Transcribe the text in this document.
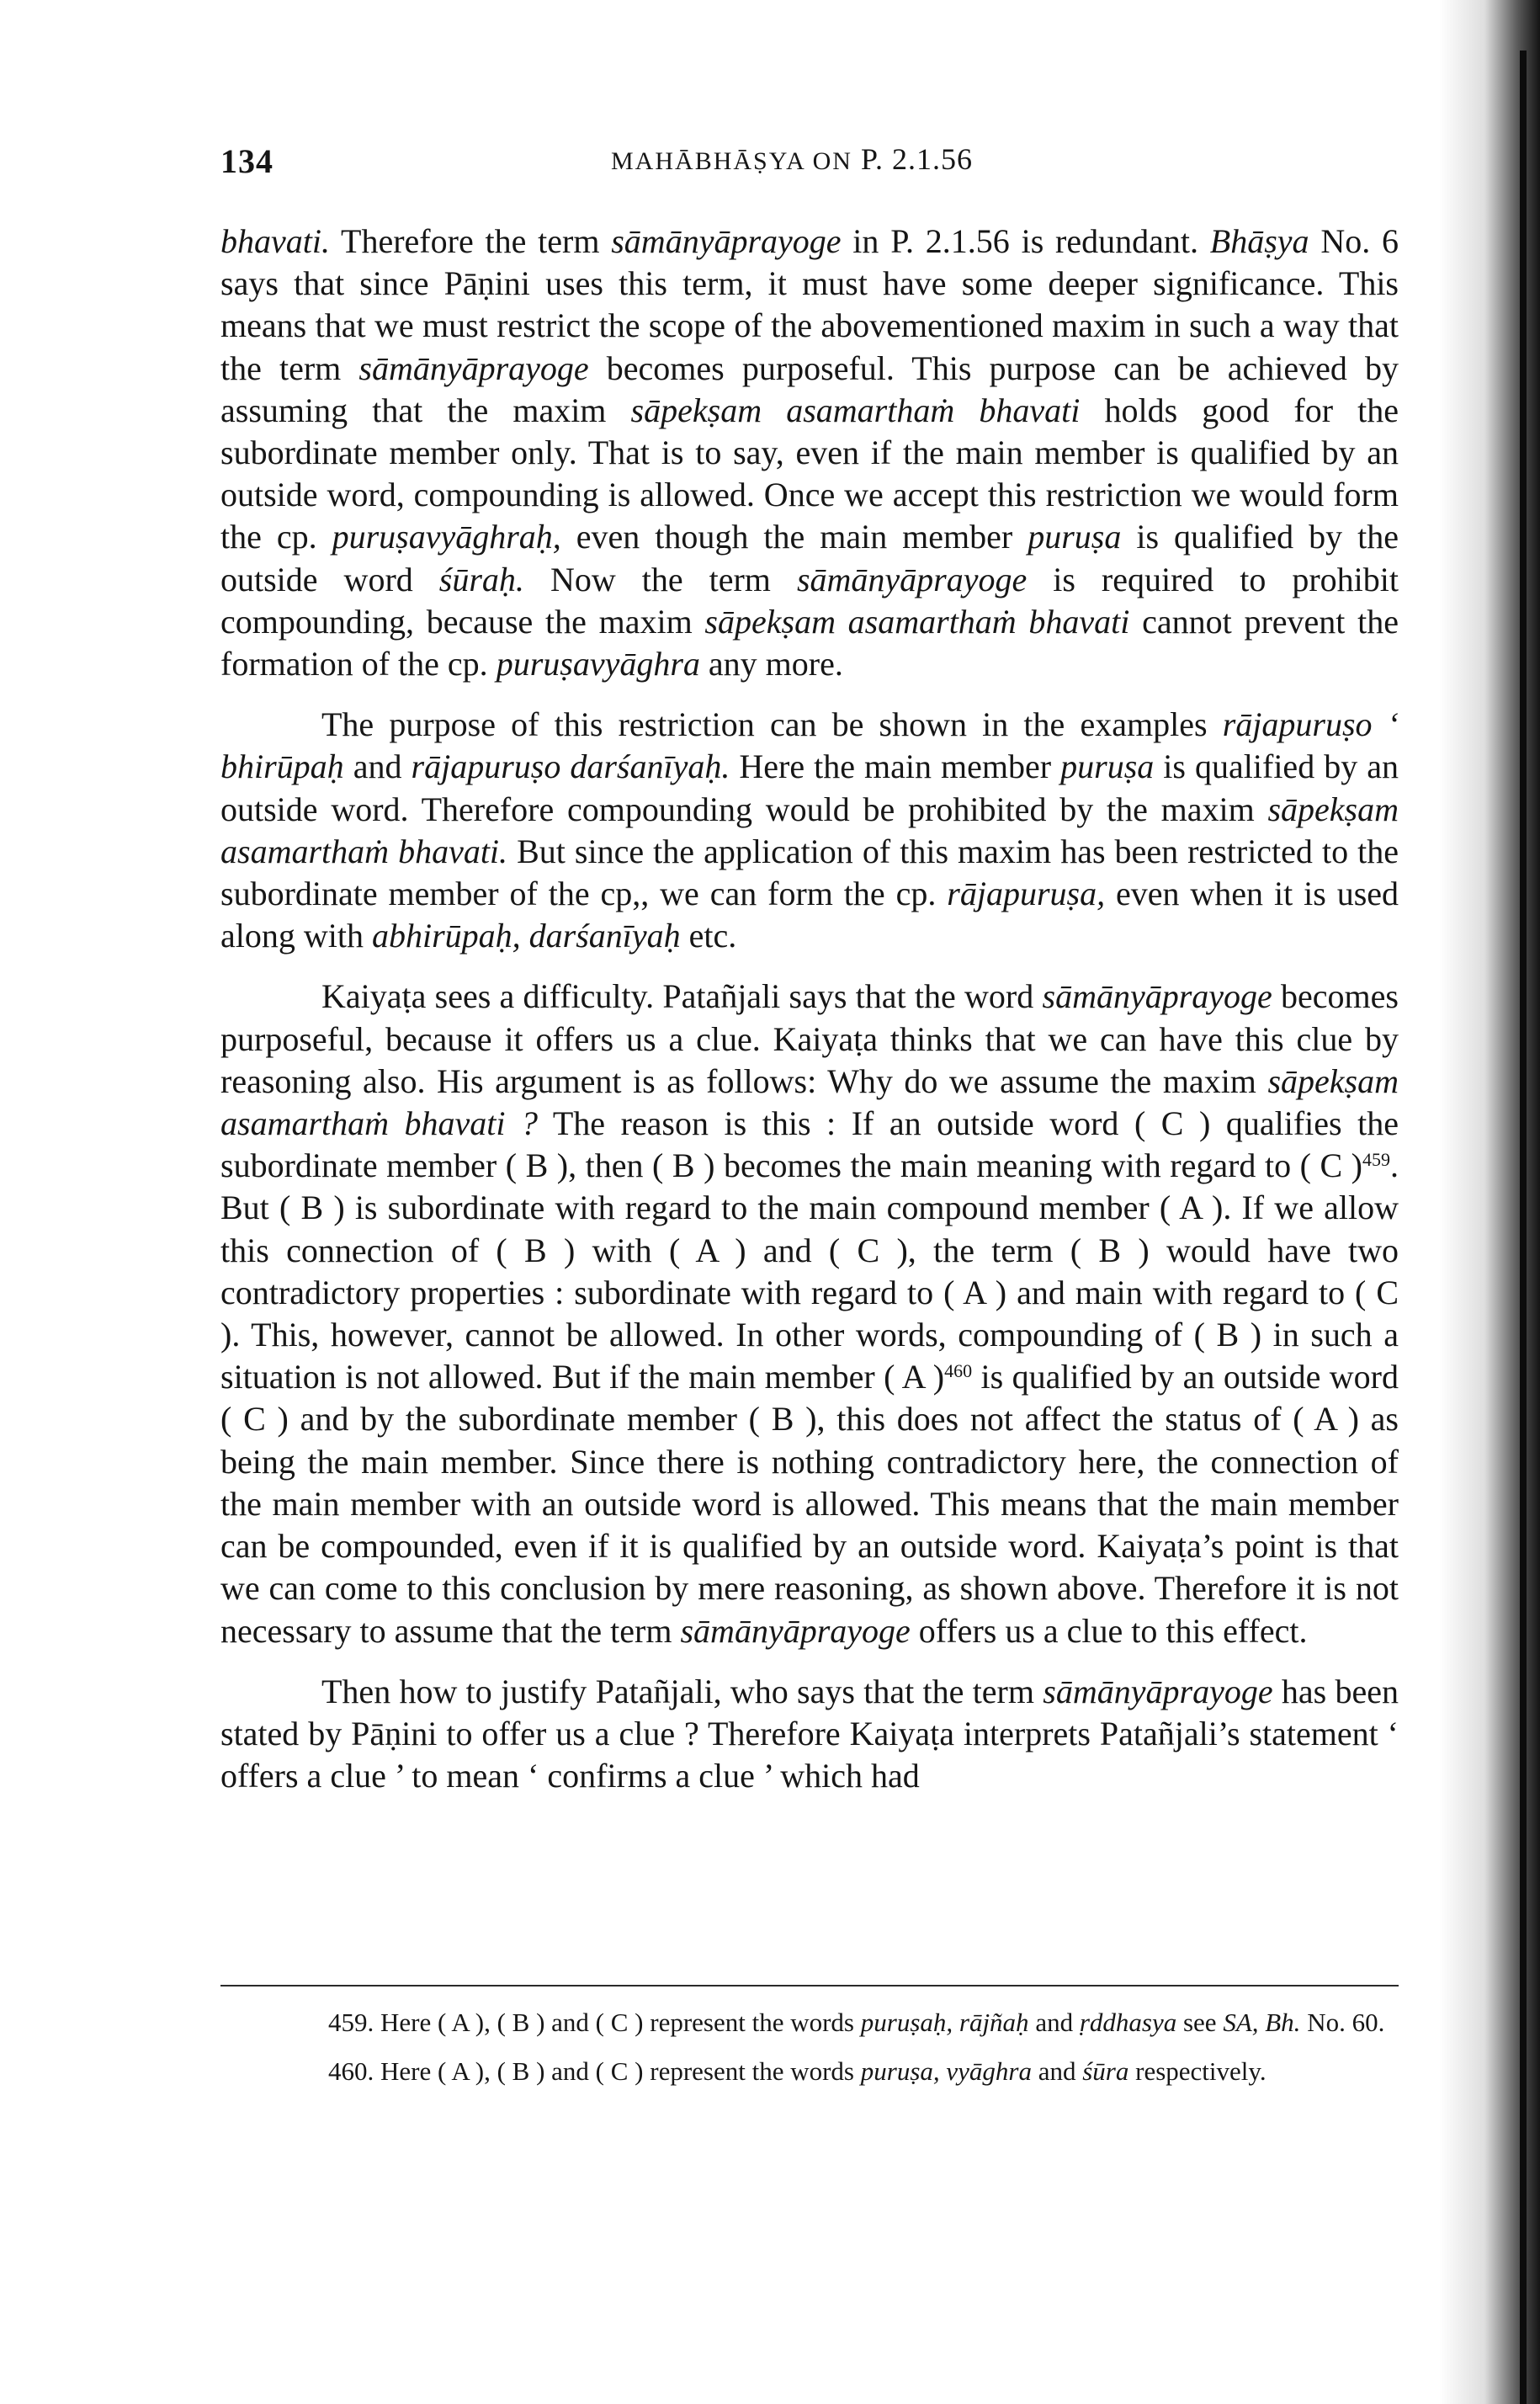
134	MAHĀBHĀṢYA ON P. 2.1.56

bhavati. Therefore the term sāmānyāprayoge in P. 2.1.56 is redundant. Bhāṣya No. 6 says that since Pāṇini uses this term, it must have some deeper significance. This means that we must restrict the scope of the abovementioned maxim in such a way that the term sāmānyāprayoge becomes purposeful. This purpose can be achieved by assuming that the maxim sāpekṣam asamarthaṁ bhavati holds good for the subordinate member only. That is to say, even if the main member is qualified by an outside word, compounding is allowed. Once we accept this restriction we would form the cp. puruṣavyāghraḥ, even though the main member puruṣa is qualified by the outside word śūraḥ. Now the term sāmānyāprayoge is required to prohibit compounding, because the maxim sāpekṣam asamarthaṁ bhavati cannot prevent the formation of the cp. puruṣavyāghra any more.

The purpose of this restriction can be shown in the examples rājapuruṣo ‘ bhirūpaḥ and rājapuruṣo darśanīyaḥ. Here the main member puruṣa is qualified by an outside word. Therefore compounding would be prohibited by the maxim sāpekṣam asamarthaṁ bhavati. But since the application of this maxim has been restricted to the subordinate member of the cp,, we can form the cp. rājapuruṣa, even when it is used along with abhirūpaḥ, darśanīyaḥ etc.

Kaiyaṭa sees a difficulty. Patañjali says that the word sāmānyāprayoge becomes purposeful, because it offers us a clue. Kaiyaṭa thinks that we can have this clue by reasoning also. His argument is as follows: Why do we assume the maxim sāpekṣam asamarthaṁ bhavati ? The reason is this : If an outside word ( C ) qualifies the subordinate member ( B ), then ( B ) becomes the main meaning with regard to ( C )$^{459}$. But ( B ) is subordinate with regard to the main compound member ( A ). If we allow this connection of ( B ) with ( A ) and ( C ), the term ( B ) would have two contradictory properties : subordinate with regard to ( A ) and main with regard to ( C ). This, however, cannot be allowed. In other words, compounding of ( B ) in such a situation is not allowed. But if the main member ( A )$^{460}$ is qualified by an outside word ( C ) and by the subordinate member ( B ), this does not affect the status of ( A ) as being the main member. Since there is nothing contradictory here, the connection of the main member with an outside word is allowed. This means that the main member can be compounded, even if it is qualified by an outside word. Kaiyaṭa’s point is that we can come to this conclusion by mere reasoning, as shown above. Therefore it is not necessary to assume that the term sāmānyāprayoge offers us a clue to this effect.

Then how to justify Patañjali, who says that the term sāmānyāprayoge has been stated by Pāṇini to offer us a clue ? Therefore Kaiyaṭa interprets Patañjali’s statement ‘ offers a clue ’ to mean ‘ confirms a clue ’ which had

459. Here ( A ), ( B ) and ( C ) represent the words puruṣaḥ, rājñaḥ and ṛddhasya see SA, Bh. No. 60.

460. Here ( A ), ( B ) and ( C ) represent the words puruṣa, vyāghra and śūra respectively.
